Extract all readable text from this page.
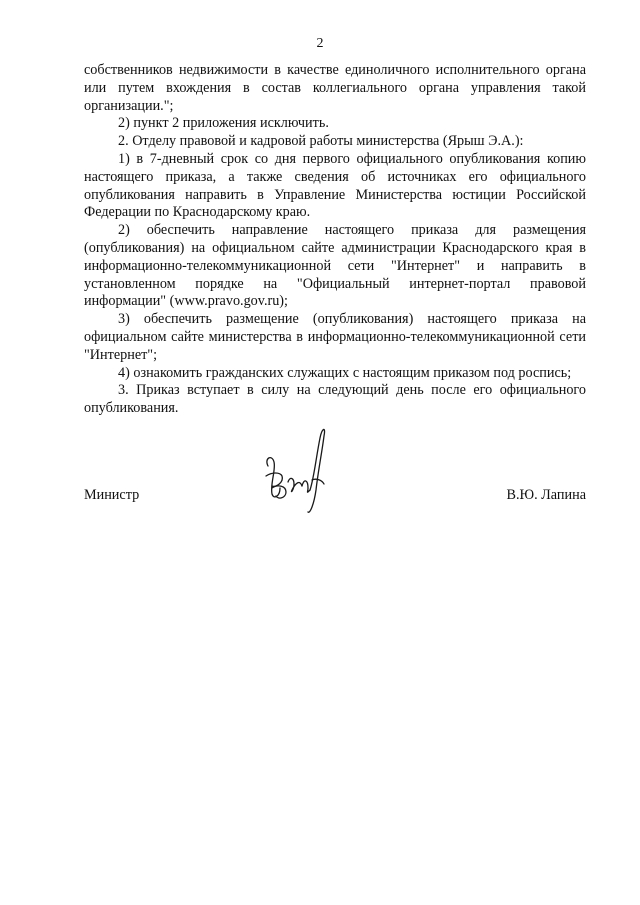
2

собственников недвижимости в качестве единоличного исполнительного органа или путем вхождения в состав коллегиального органа управления такой организации.";

2) пункт 2 приложения исключить.

2. Отделу правовой и кадровой работы министерства (Ярыш Э.А.):

1) в 7-дневный срок со дня первого официального опубликования копию настоящего приказа, а также сведения об источниках его официального опубликования направить в Управление Министерства юстиции Российской Федерации по Краснодарскому краю.

2) обеспечить направление настоящего приказа для размещения (опубликования) на официальном сайте администрации Краснодарского края в информационно-телекоммуникационной сети "Интернет" и направить в установленном порядке на "Официальный интернет-портал правовой информации" (www.pravo.gov.ru);

3) обеспечить размещение (опубликования) настоящего приказа на официальном сайте министерства в информационно-телекоммуникационной сети "Интернет";

4) ознакомить гражданских служащих с настоящим приказом под роспись;

3. Приказ вступает в силу на следующий день после его официального опубликования.

Министр	В.Ю. Лапина
